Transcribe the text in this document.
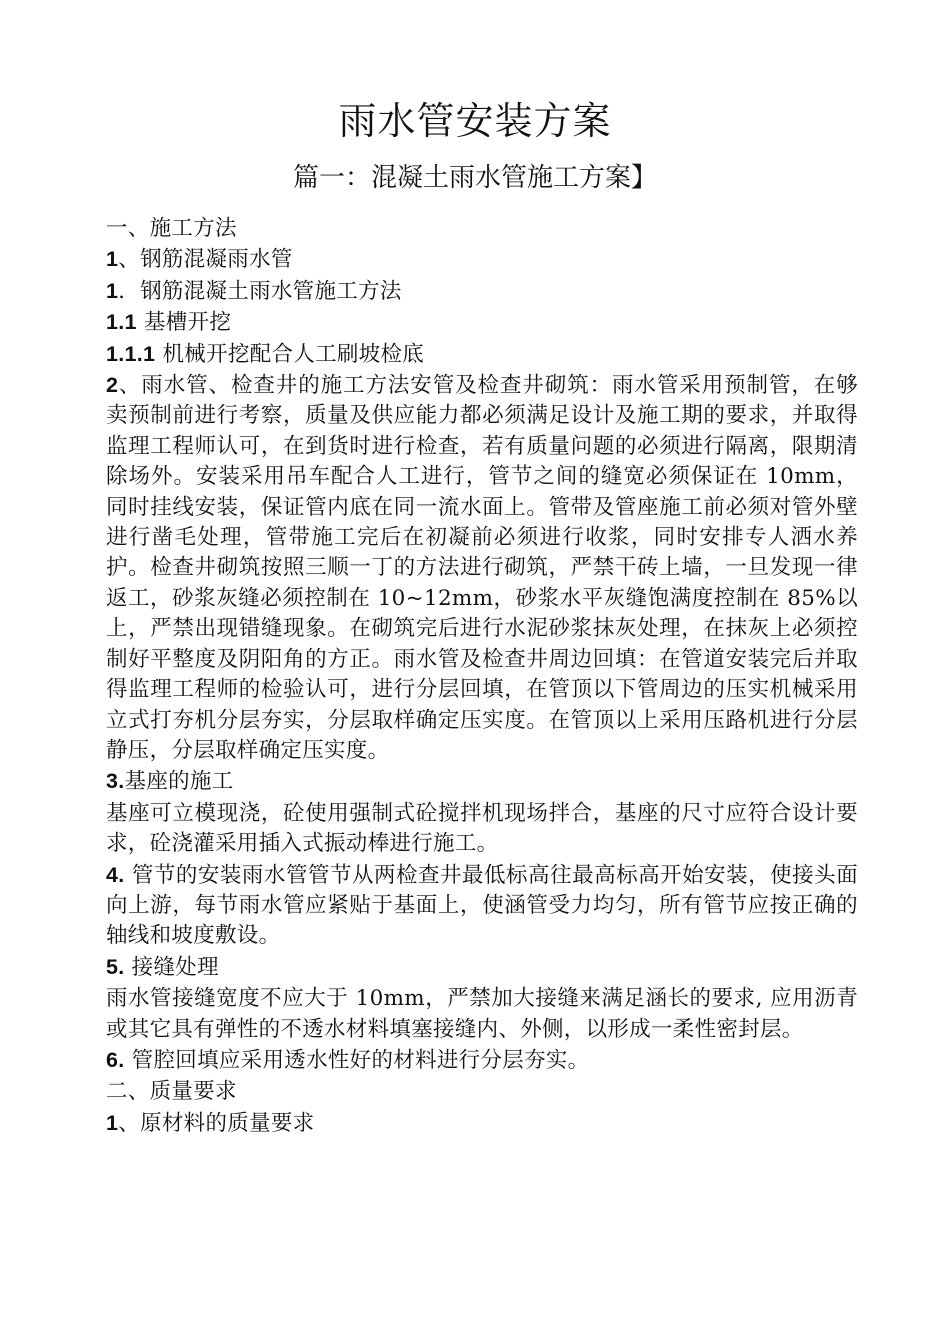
雨水管安装方案
篇一：混凝土雨水管施工方案】

一、施工方法

1、钢筋混凝雨水管

1．钢筋混凝土雨水管施工方法

1.1 基槽开挖

1.1.1 机械开挖配合人工刷坡检底

2、雨水管、检查井的施工方法安管及检查井砌筑：雨水管采用预制管，在够卖预制前进行考察，质量及供应能力都必须满足设计及施工期的要求，并取得监理工程师认可，在到货时进行检查，若有质量问题的必须进行隔离，限期清除场外。安装采用吊车配合人工进行，管节之间的缝宽必须保证在 10mm，同时挂线安装，保证管内底在同一流水面上。管带及管座施工前必须对管外壁进行凿毛处理，管带施工完后在初凝前必须进行收浆，同时安排专人洒水养护。检查井砌筑按照三顺一丁的方法进行砌筑，严禁干砖上墙，一旦发现一律返工，砂浆灰缝必须控制在 10~12mm，砂浆水平灰缝饱满度控制在 85%以上，严禁出现错缝现象。在砌筑完后进行水泥砂浆抹灰处理，在抹灰上必须控制好平整度及阴阳角的方正。雨水管及检查井周边回填：在管道安装完后并取得监理工程师的检验认可，进行分层回填，在管顶以下管周边的压实机械采用立式打夯机分层夯实，分层取样确定压实度。在管顶以上采用压路机进行分层静压，分层取样确定压实度。

3.基座的施工

基座可立模现浇，砼使用强制式砼搅拌机现场拌合，基座的尺寸应符合设计要求，砼浇灌采用插入式振动棒进行施工。

4. 管节的安装雨水管管节从两检查井最低标高往最高标高开始安装，使接头面向上游，每节雨水管应紧贴于基面上，使涵管受力均匀，所有管节应按正确的轴线和坡度敷设。

5. 接缝处理

雨水管接缝宽度不应大于 10mm，严禁加大接缝来满足涵长的要求, 应用沥青或其它具有弹性的不透水材料填塞接缝内、外侧，以形成一柔性密封层。

6. 管腔回填应采用透水性好的材料进行分层夯实。

二、质量要求

1、原材料的质量要求
